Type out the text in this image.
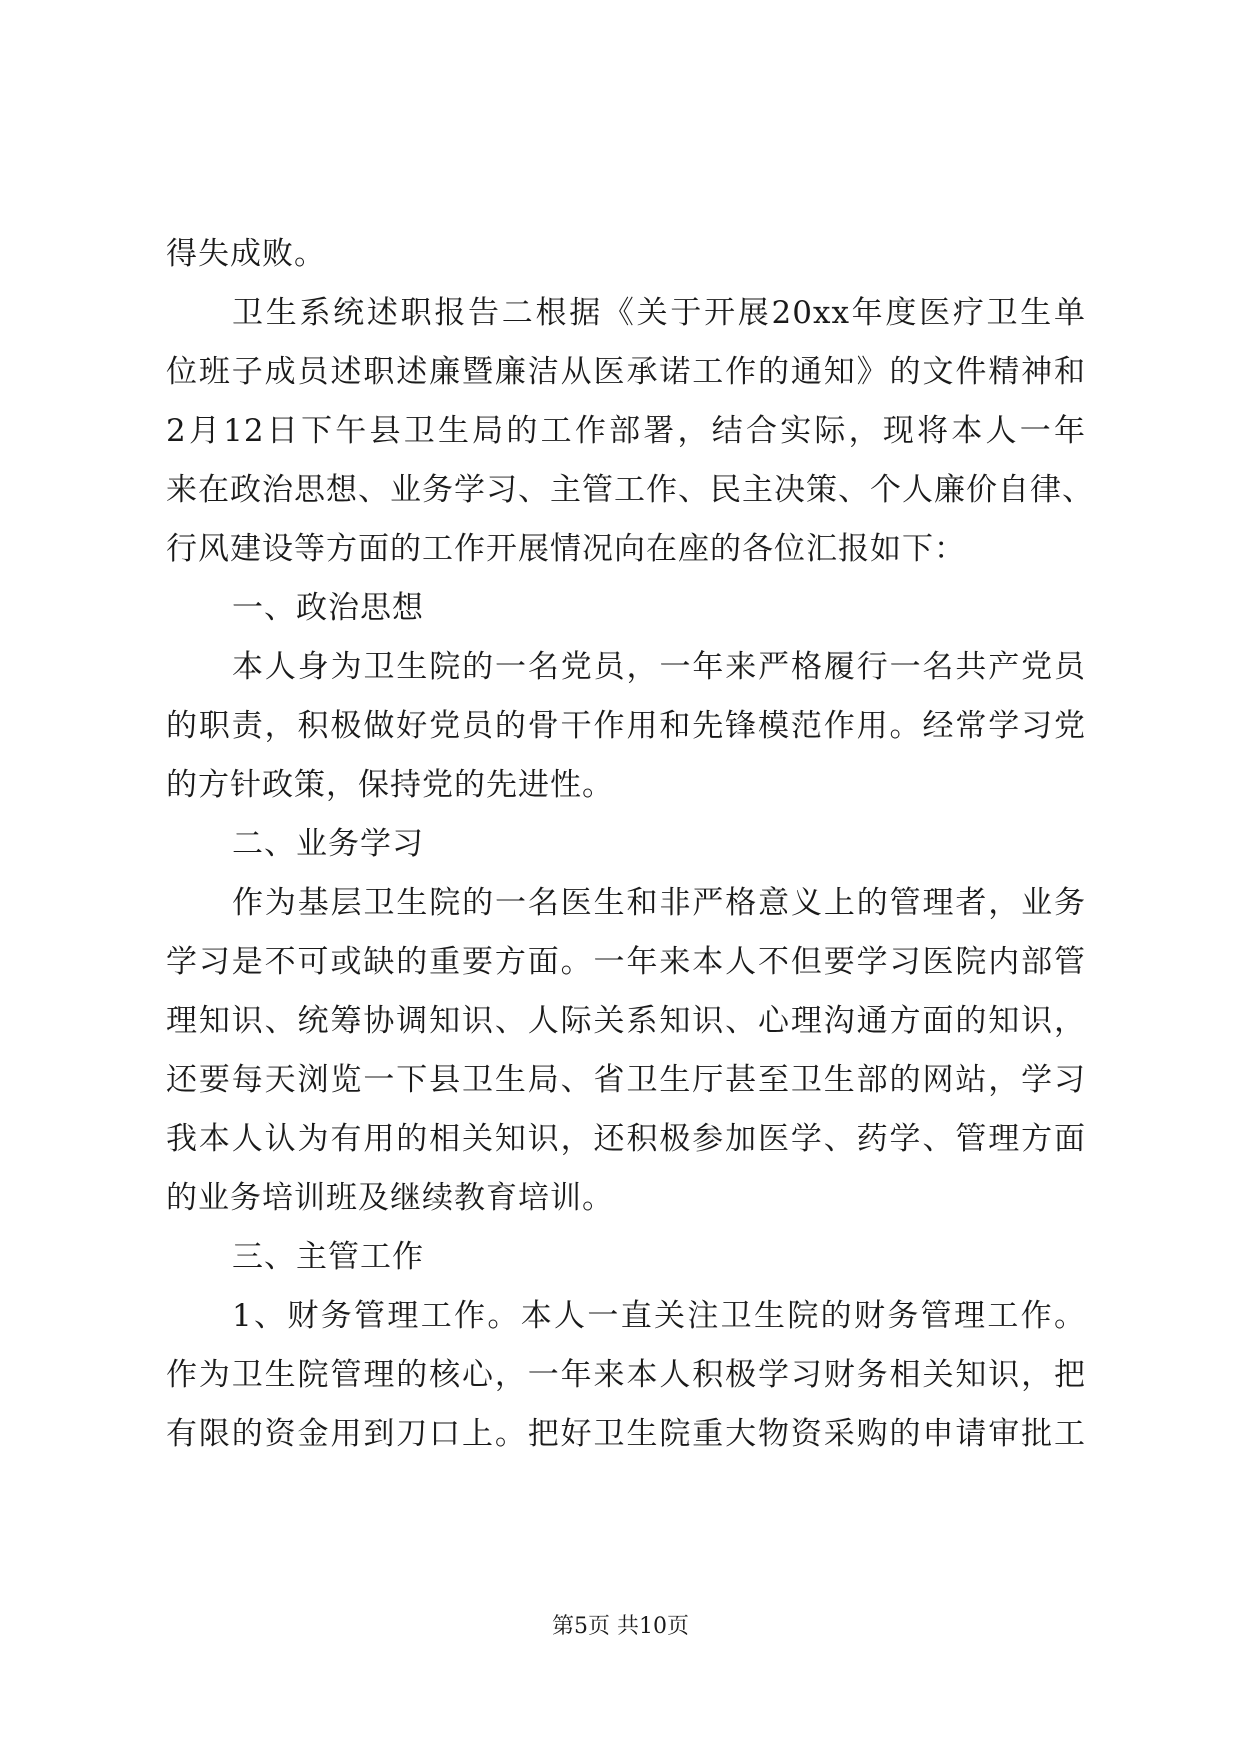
得失成败。
卫生系统述职报告二根据《关于开展20xx年度医疗卫生单
位班子成员述职述廉暨廉洁从医承诺工作的通知》的文件精神和
2月12日下午县卫生局的工作部署，结合实际，现将本人一年
来在政治思想、业务学习、主管工作、民主决策、个人廉价自律、
行风建设等方面的工作开展情况向在座的各位汇报如下：
一、政治思想
本人身为卫生院的一名党员，一年来严格履行一名共产党员
的职责，积极做好党员的骨干作用和先锋模范作用。经常学习党
的方针政策，保持党的先进性。
二、业务学习
作为基层卫生院的一名医生和非严格意义上的管理者，业务
学习是不可或缺的重要方面。一年来本人不但要学习医院内部管
理知识、统筹协调知识、人际关系知识、心理沟通方面的知识，
还要每天浏览一下县卫生局、省卫生厅甚至卫生部的网站，学习
我本人认为有用的相关知识，还积极参加医学、药学、管理方面
的业务培训班及继续教育培训。
三、主管工作
1、财务管理工作。本人一直关注卫生院的财务管理工作。
作为卫生院管理的核心，一年来本人积极学习财务相关知识，把
有限的资金用到刀口上。把好卫生院重大物资采购的申请审批工
第5页 共10页
